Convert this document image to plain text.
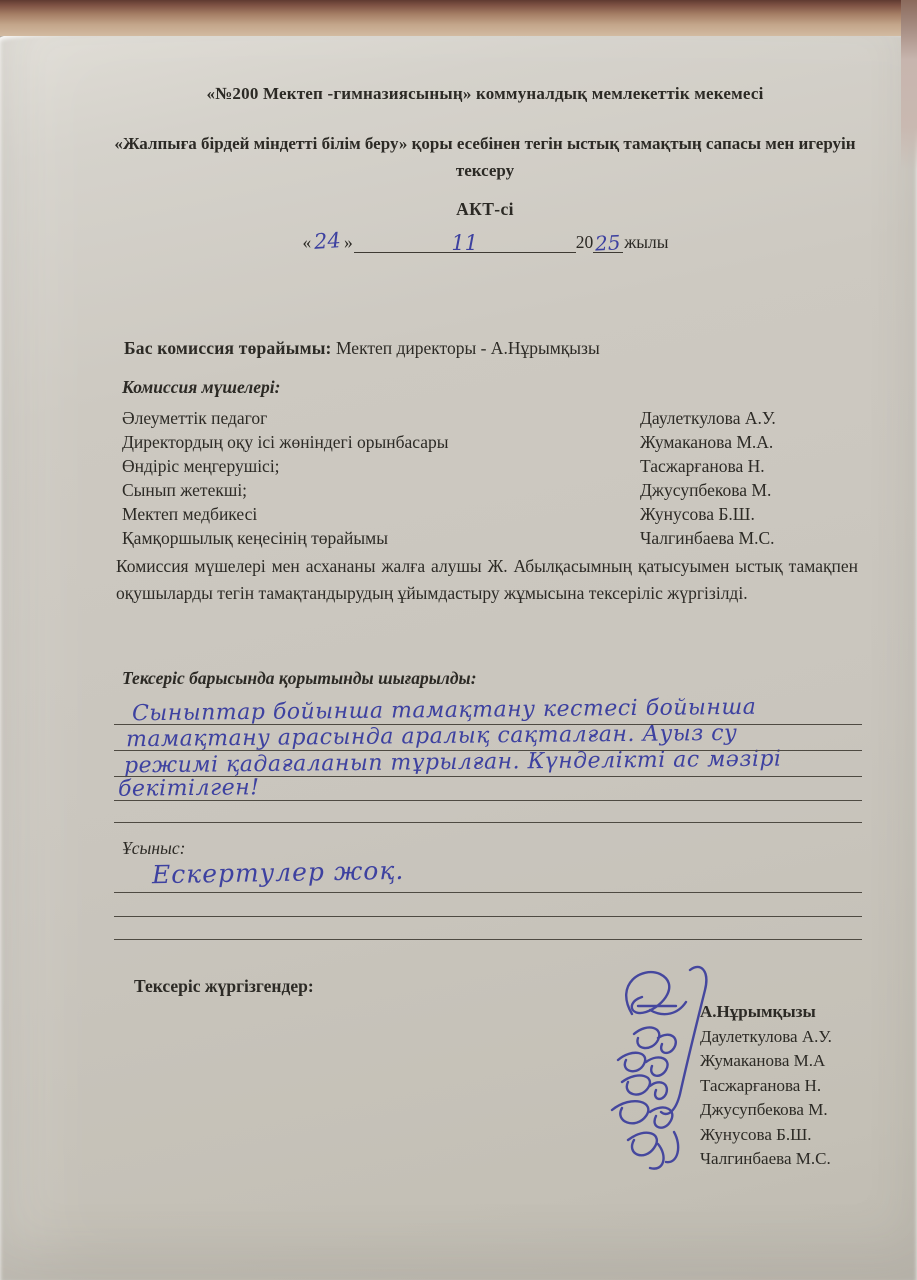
«№200 Мектеп -гимназиясының» коммуналдық мемлекеттік мекемесі
«Жалпыға бірдей міндетті білім беру» қоры есебінен тегін ыстық тамақтың сапасы мен игеруін тексеру
АКТ-сі
« 24 »	11	20 25 жылы
Бас комиссия төрайымы: Мектеп директоры - А.Нұрымқызы
Комиссия мүшелері:
Әлеуметтік педагог	Даулеткулова А.У.
Директордың оқу ісі жөніндегі орынбасары	Жумаканова М.А.
Өндіріс меңгерушісі;	Тасжарғанова Н.
Сынып жетекші;	Джусупбекова М.
Мектеп медбикесі	Жунусова Б.Ш.
Қамқоршылық кеңесінің төрайымы	Чалгинбаева М.С.
Комиссия мүшелері мен асхананы жалға алушы Ж. Абылқасымның қатысуымен ыстық тамақпен оқушыларды тегін тамақтандырудың ұйымдастыру жұмысына тексеріліс жүргізілді.
Тексеріс барысында қорытынды шығарылды:
Сыныптар бойынша тамақтану кестесі бойынша
тамақтану арасында аралық сақталған. Ауыз су
режимі қадағаланып тұрылған. Күнделікті ас мәзірі
бекітілген!
Ұсыныс:
Ескертулер жоқ.
Тексеріс жүргізгендер:
А.Нұрымқызы
Даулеткулова А.У.
Жумаканова М.А
Тасжарғанова Н.
Джусупбекова М.
Жунусова Б.Ш.
Чалгинбаева М.С.
